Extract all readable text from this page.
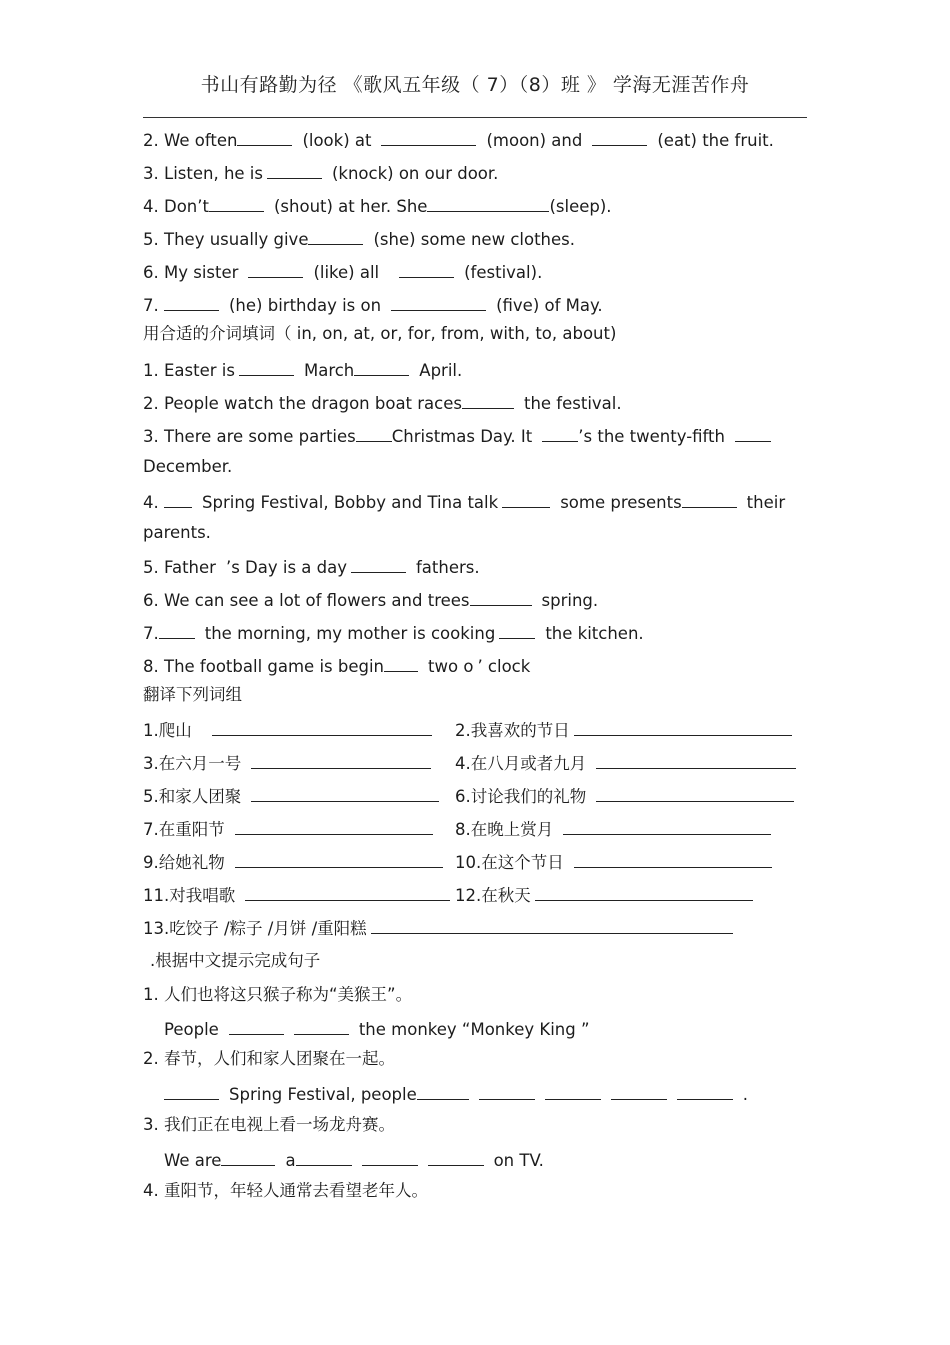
书山有路勤为径 《歌风五年级（ 7）（8）班 》 学海无涯苦作舟
2. We often	(look) at	(moon) and	(eat) the fruit.
3. Listen, he is	(knock) on our door.
4. Don’t	(shout) at her. She	(sleep).
5. They usually give	(she) some new clothes.
6. My sister	(like) all	(festival).
7.	(he) birthday is on	(five) of May.
用合适的介词填词（ in, on, at, or, for, from, with, to, about)
1. Easter is	March	April.
2. People watch the dragon boat races	the festival.
3. There are some parties Christmas Day. It	’s the twenty-fifth
December.
4.	Spring Festival, Bobby and Tina talk	some presents	their
parents.
5. Father ’s Day is a day	fathers.
6. We can see a lot of flowers and trees	spring.
7.	the morning, my mother is cooking	the kitchen.
8. The football game is begin	two o ’ clock
翻译下列词组
1.爬山	2.我喜欢的节日
3.在六月一号	4.在八月或者九月
5.和家人团聚	6.讨论我们的礼物
7.在重阳节	8.在晚上赏月
9.给她礼物	10.在这个节日
11.对我唱歌	12.在秋天
13.吃饺子 /粽子 /月饼 /重阳糕
.根据中文提示完成句子
1. 人们也将这只猴子称为“美猴王”。
People	the monkey “Monkey King ”
2. 春节，人们和家人团聚在一起。
Spring Festival, people	.
3. 我们正在电视上看一场龙舟赛。
We are	a	on TV.
4. 重阳节，年轻人通常去看望老年人。
